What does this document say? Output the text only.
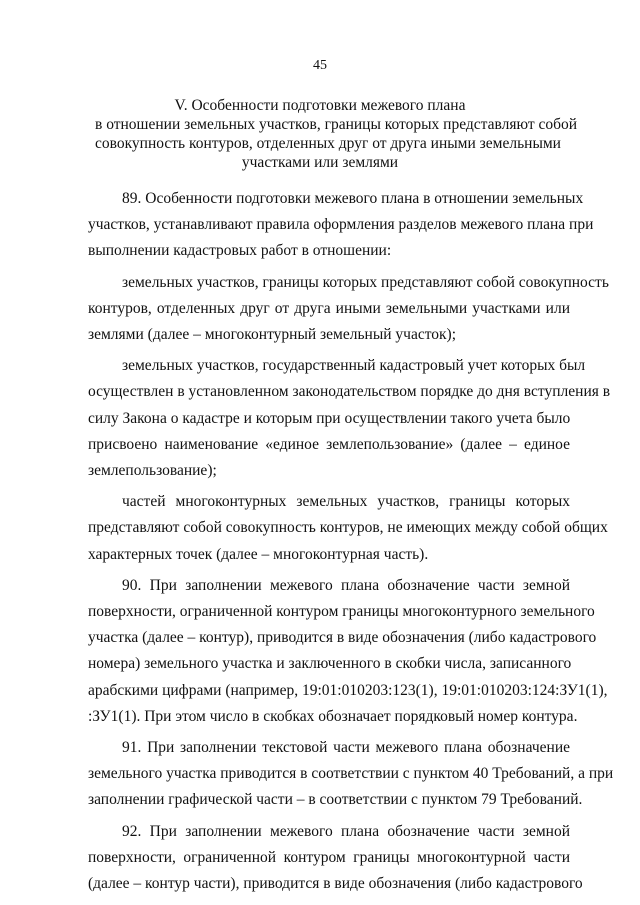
45
V. Особенности подготовки межевого плана
в отношении земельных участков, границы которых представляют собой
совокупность контуров, отделенных друг от друга иными земельными
участками или землями
89. Особенности подготовки межевого плана в отношении земельных
участков, устанавливают правила оформления разделов межевого плана при
выполнении кадастровых работ в отношении:
земельных участков, границы которых представляют собой совокупность
контуров, отделенных друг от друга иными земельными участками или
землями (далее – многоконтурный земельный участок);
земельных участков, государственный кадастровый учет которых был
осуществлен в установленном законодательством порядке до дня вступления в
силу Закона о кадастре и которым при осуществлении такого учета было
присвоено наименование «единое землепользование» (далее – единое
землепользование);
частей многоконтурных земельных участков, границы которых
представляют собой совокупность контуров, не имеющих между собой общих
характерных точек (далее – многоконтурная часть).
90. При заполнении межевого плана обозначение части земной
поверхности, ограниченной контуром границы многоконтурного земельного
участка (далее – контур), приводится в виде обозначения (либо кадастрового
номера) земельного участка и заключенного в скобки числа, записанного
арабскими цифрами (например, 19:01:010203:123(1), 19:01:010203:124:ЗУ1(1),
:ЗУ1(1). При этом число в скобках обозначает порядковый номер контура.
91. При заполнении текстовой части межевого плана обозначение
земельного участка приводится в соответствии с пунктом 40 Требований, а при
заполнении графической части – в соответствии с пунктом 79 Требований.
92. При заполнении межевого плана обозначение части земной
поверхности, ограниченной контуром границы многоконтурной части
(далее – контур части), приводится в виде обозначения (либо кадастрового
